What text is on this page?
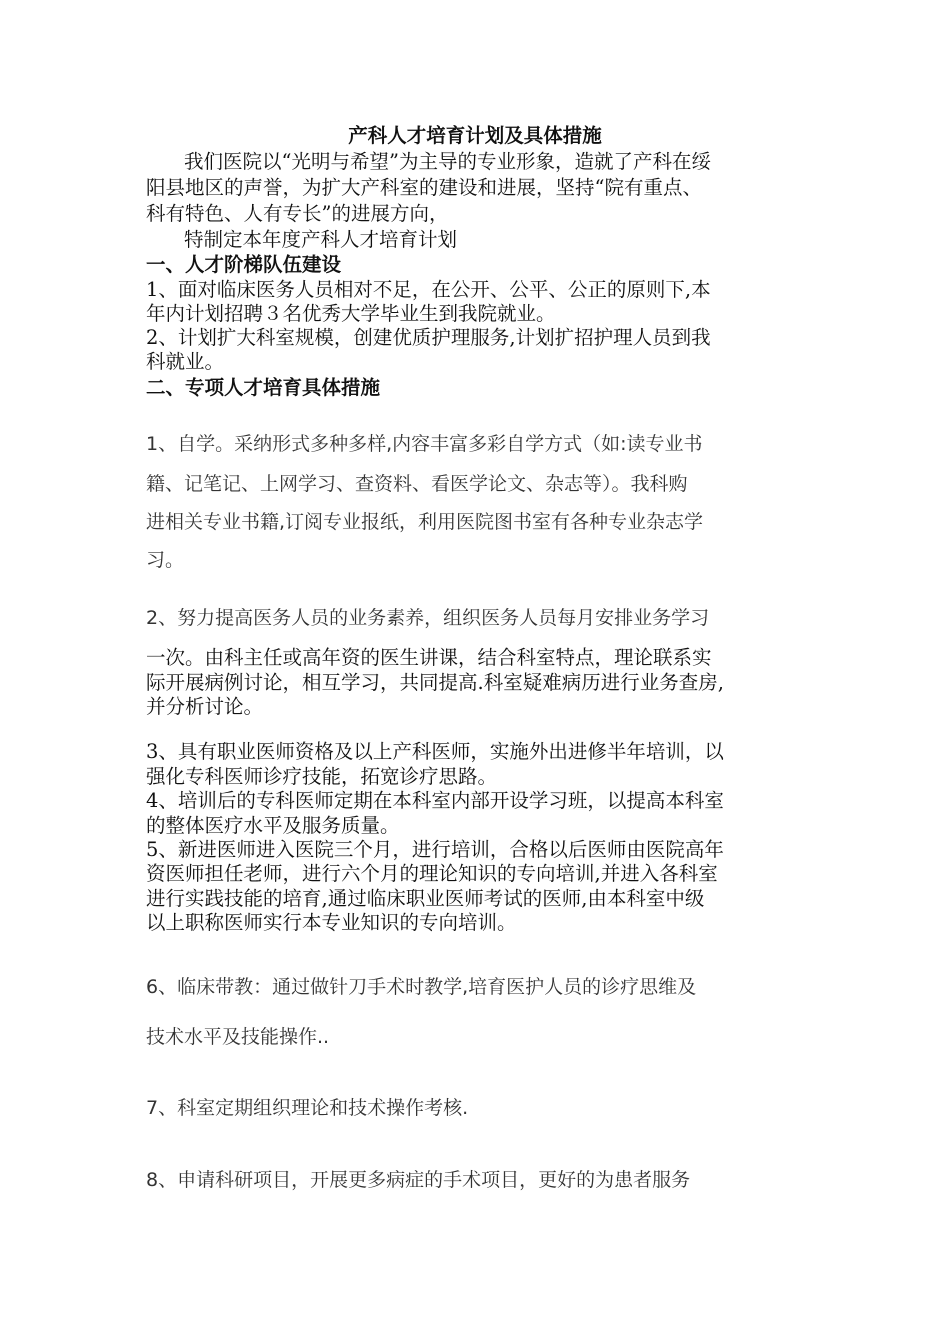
产科人才培育计划及具体措施
我们医院以“光明与希望”为主导的专业形象，造就了产科在绥
阳县地区的声誉，为扩大产科室的建设和进展，坚持“院有重点、
科有特色、人有专长”的进展方向，
特制定本年度产科人才培育计划
一、人才阶梯队伍建设
1、面对临床医务人员相对不足，在公开、公平、公正的原则下,本
年内计划招聘３名优秀大学毕业生到我院就业。
2、计划扩大科室规模，创建优质护理服务,计划扩招护理人员到我
科就业。
二、专项人才培育具体措施
1、自学。采纳形式多种多样,内容丰富多彩自学方式（如:读专业书
籍、记笔记、上网学习、查资料、看医学论文、杂志等）。我科购
进相关专业书籍,订阅专业报纸，利用医院图书室有各种专业杂志学
习。
2、努力提高医务人员的业务素养，组织医务人员每月安排业务学习
一次。由科主任或高年资的医生讲课，结合科室特点，理论联系实
际开展病例讨论，相互学习，共同提高.科室疑难病历进行业务查房,
并分析讨论。
3、具有职业医师资格及以上产科医师，实施外出进修半年培训，以
强化专科医师诊疗技能，拓宽诊疗思路。
4、培训后的专科医师定期在本科室内部开设学习班，以提高本科室
的整体医疗水平及服务质量。
5、新进医师进入医院三个月，进行培训，合格以后医师由医院高年
资医师担任老师，进行六个月的理论知识的专向培训,并进入各科室
进行实践技能的培育,通过临床职业医师考试的医师,由本科室中级
以上职称医师实行本专业知识的专向培训。
6、临床带教：通过做针刀手术时教学,培育医护人员的诊疗思维及
技术水平及技能操作..
7、科室定期组织理论和技术操作考核.
8、申请科研项目，开展更多病症的手术项目，更好的为患者服务
